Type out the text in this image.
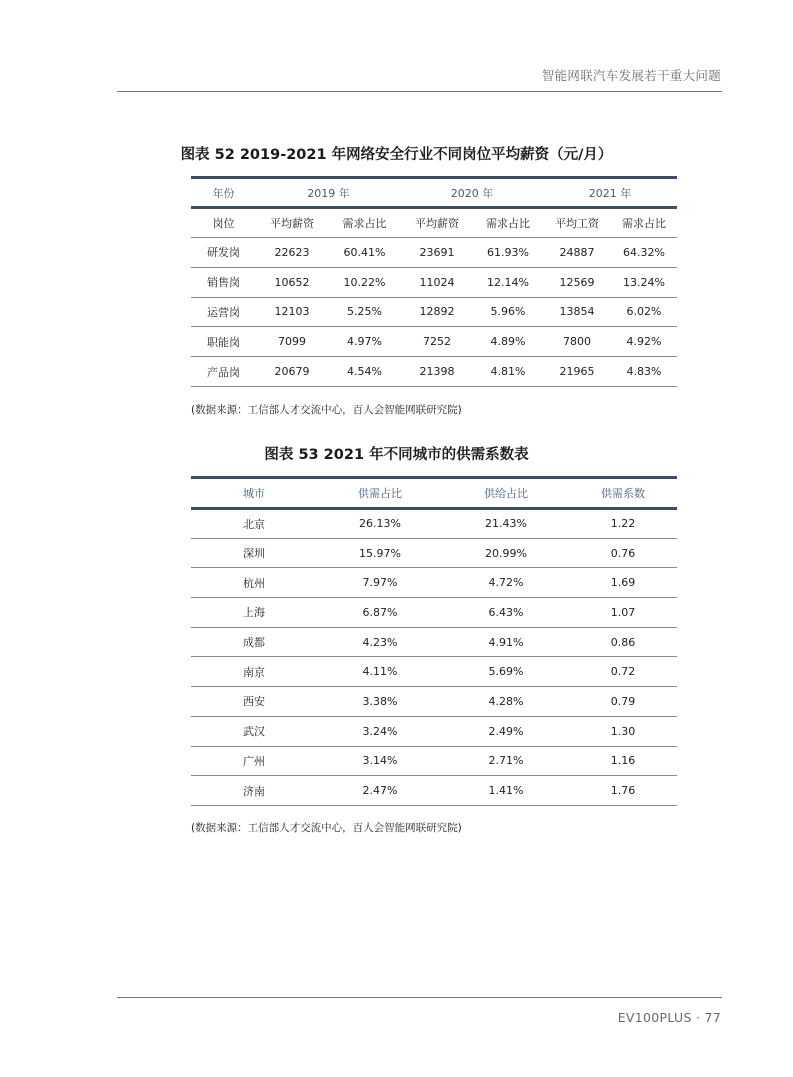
智能网联汽车发展若干重大问题
图表 52 2019-2021 年网络安全行业不同岗位平均薪资（元/月）
年份	2019 年		2020 年		2021 年	
岗位	平均薪资	需求占比	平均薪资	需求占比	平均工资	需求占比
研发岗	22623	60.41%	23691	61.93%	24887	64.32%
销售岗	10652	10.22%	11024	12.14%	12569	13.24%
运营岗	12103	5.25%	12892	5.96%	13854	6.02%
职能岗	7099	4.97%	7252	4.89%	7800	4.92%
产品岗	20679	4.54%	21398	4.81%	21965	4.83%
(数据来源：工信部人才交流中心，百人会智能网联研究院)
图表 53 2021 年不同城市的供需系数表
城市	供需占比	供给占比	供需系数
北京	26.13%	21.43%	1.22
深圳	15.97%	20.99%	0.76
杭州	7.97%	4.72%	1.69
上海	6.87%	6.43%	1.07
成都	4.23%	4.91%	0.86
南京	4.11%	5.69%	0.72
西安	3.38%	4.28%	0.79
武汉	3.24%	2.49%	1.30
广州	3.14%	2.71%	1.16
济南	2.47%	1.41%	1.76
(数据来源：工信部人才交流中心，百人会智能网联研究院)
EV100PLUS · 77
